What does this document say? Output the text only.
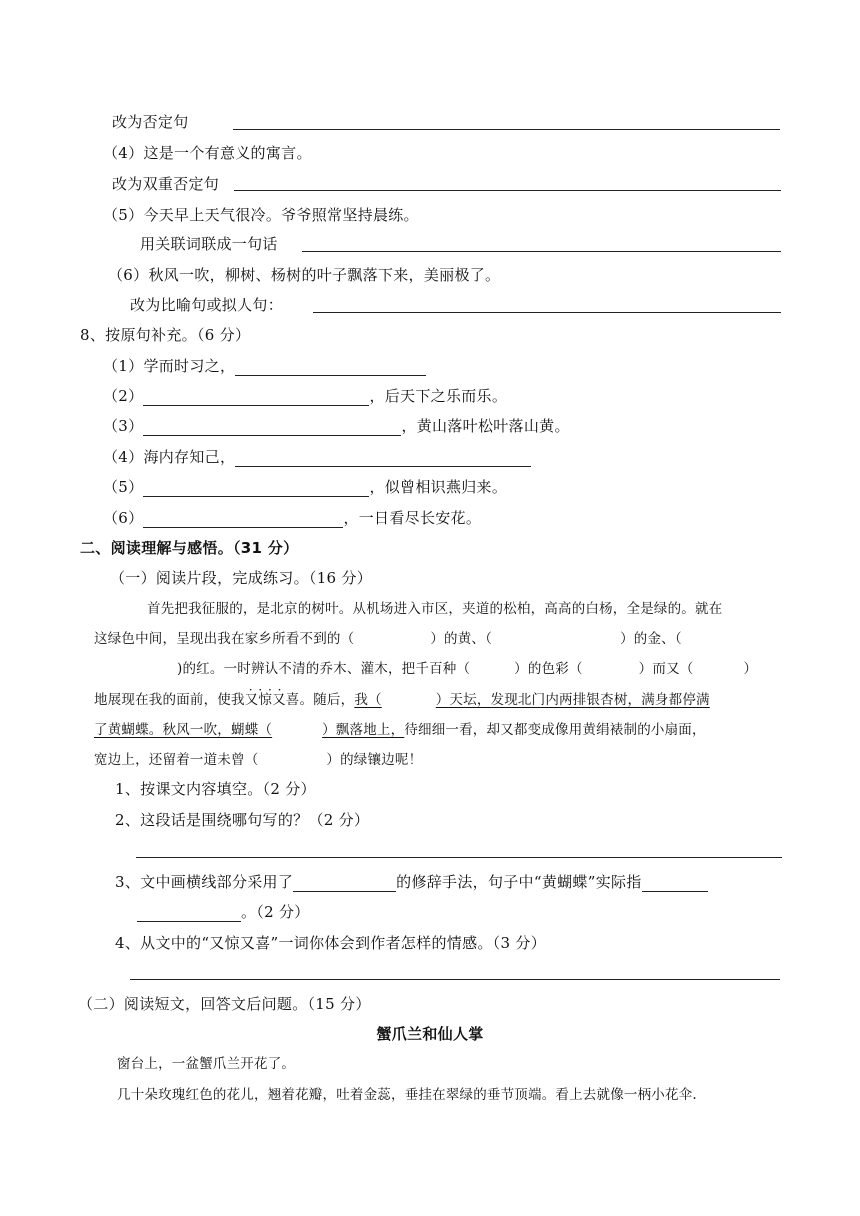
改为否定句
（4）这是一个有意义的寓言。
改为双重否定句
（5）今天早上天气很冷。爷爷照常坚持晨练。
用关联词联成一句话
（6）秋风一吹，柳树、杨树的叶子飘落下来，美丽极了。
改为比喻句或拟人句：
8、按原句补充。（6 分）
（1）学而时习之，
（2）	，后天下之乐而乐。
（3）	，黄山落叶松叶落山黄。
（4）海内存知己，
（5）	，似曾相识燕归来。
（6）	，一日看尽长安花。
二、阅读理解与感悟。（31 分）
（一）阅读片段，完成练习。（16 分）
首先把我征服的，是北京的树叶。从机场进入市区，夹道的松柏，高高的白杨，全是绿的。就在
这绿色中间，呈现出我在家乡所看不到的（	）的黄、（	）的金、（
)的红。一时辨认不清的乔木、灌木，把千百种（	）的色彩（	）而又（	）
地展现在我的面前，使我又惊又喜 · · · ·。随后，我（	）天坛，发现北门内两排银杏树，满身都停满
了黄蝴蝶。秋风一吹，蝴蝶（	）飘落地上，待细细一看，却又都变成像用黄绢裱制的小扇面，
宽边上，还留着一道未曾（	）的绿镶边呢！
1、按课文内容填空。（2 分）
2、这段话是围绕哪句写的？（2 分）
3、文中画横线部分采用了	的修辞手法，句子中“黄蝴蝶”实际指
。（2 分）
4、从文中的“又惊又喜”一词你体会到作者怎样的情感。（3 分）
（二）阅读短文，回答文后问题。（15 分）
蟹爪兰和仙人掌
窗台上，一盆蟹爪兰开花了。
几十朵玫瑰红色的花儿，翘着花瓣，吐着金蕊，垂挂在翠绿的垂节顶端。看上去就像一柄小花伞.
